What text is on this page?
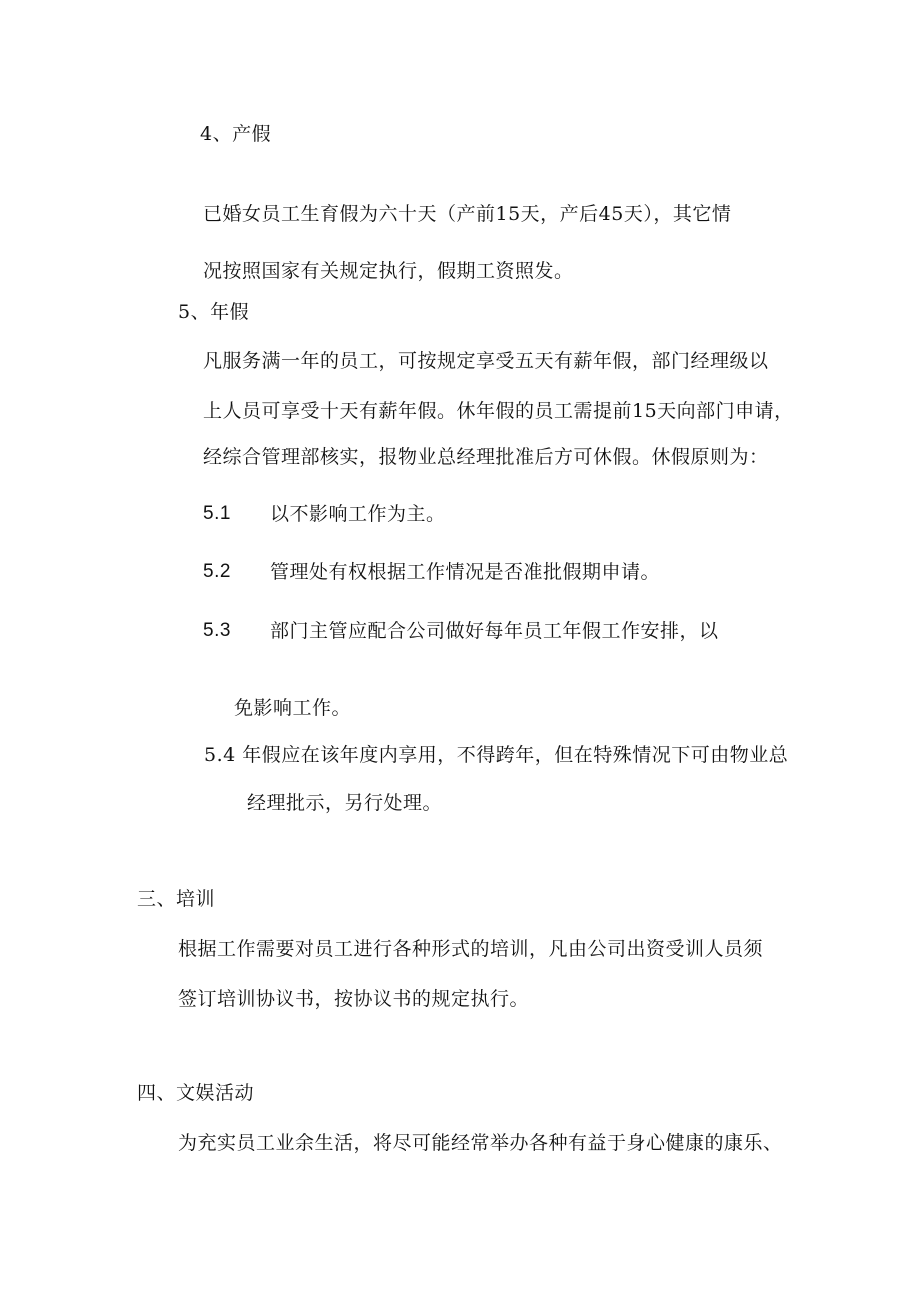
4、产假
已婚女员工生育假为六十天（产前15天，产后45天），其它情
况按照国家有关规定执行，假期工资照发。
5、年假
凡服务满一年的员工，可按规定享受五天有薪年假，部门经理级以
上人员可享受十天有薪年假。休年假的员工需提前15天向部门申请，
经综合管理部核实，报物业总经理批准后方可休假。休假原则为：
5.1 以不影响工作为主。
5.2 管理处有权根据工作情况是否准批假期申请。
5.3 部门主管应配合公司做好每年员工年假工作安排，以
免影响工作。
5.4 年假应在该年度内享用，不得跨年，但在特殊情况下可由物业总
经理批示，另行处理。
三、培训
根据工作需要对员工进行各种形式的培训，凡由公司出资受训人员须
签订培训协议书，按协议书的规定执行。
四、文娱活动
为充实员工业余生活，将尽可能经常举办各种有益于身心健康的康乐、
